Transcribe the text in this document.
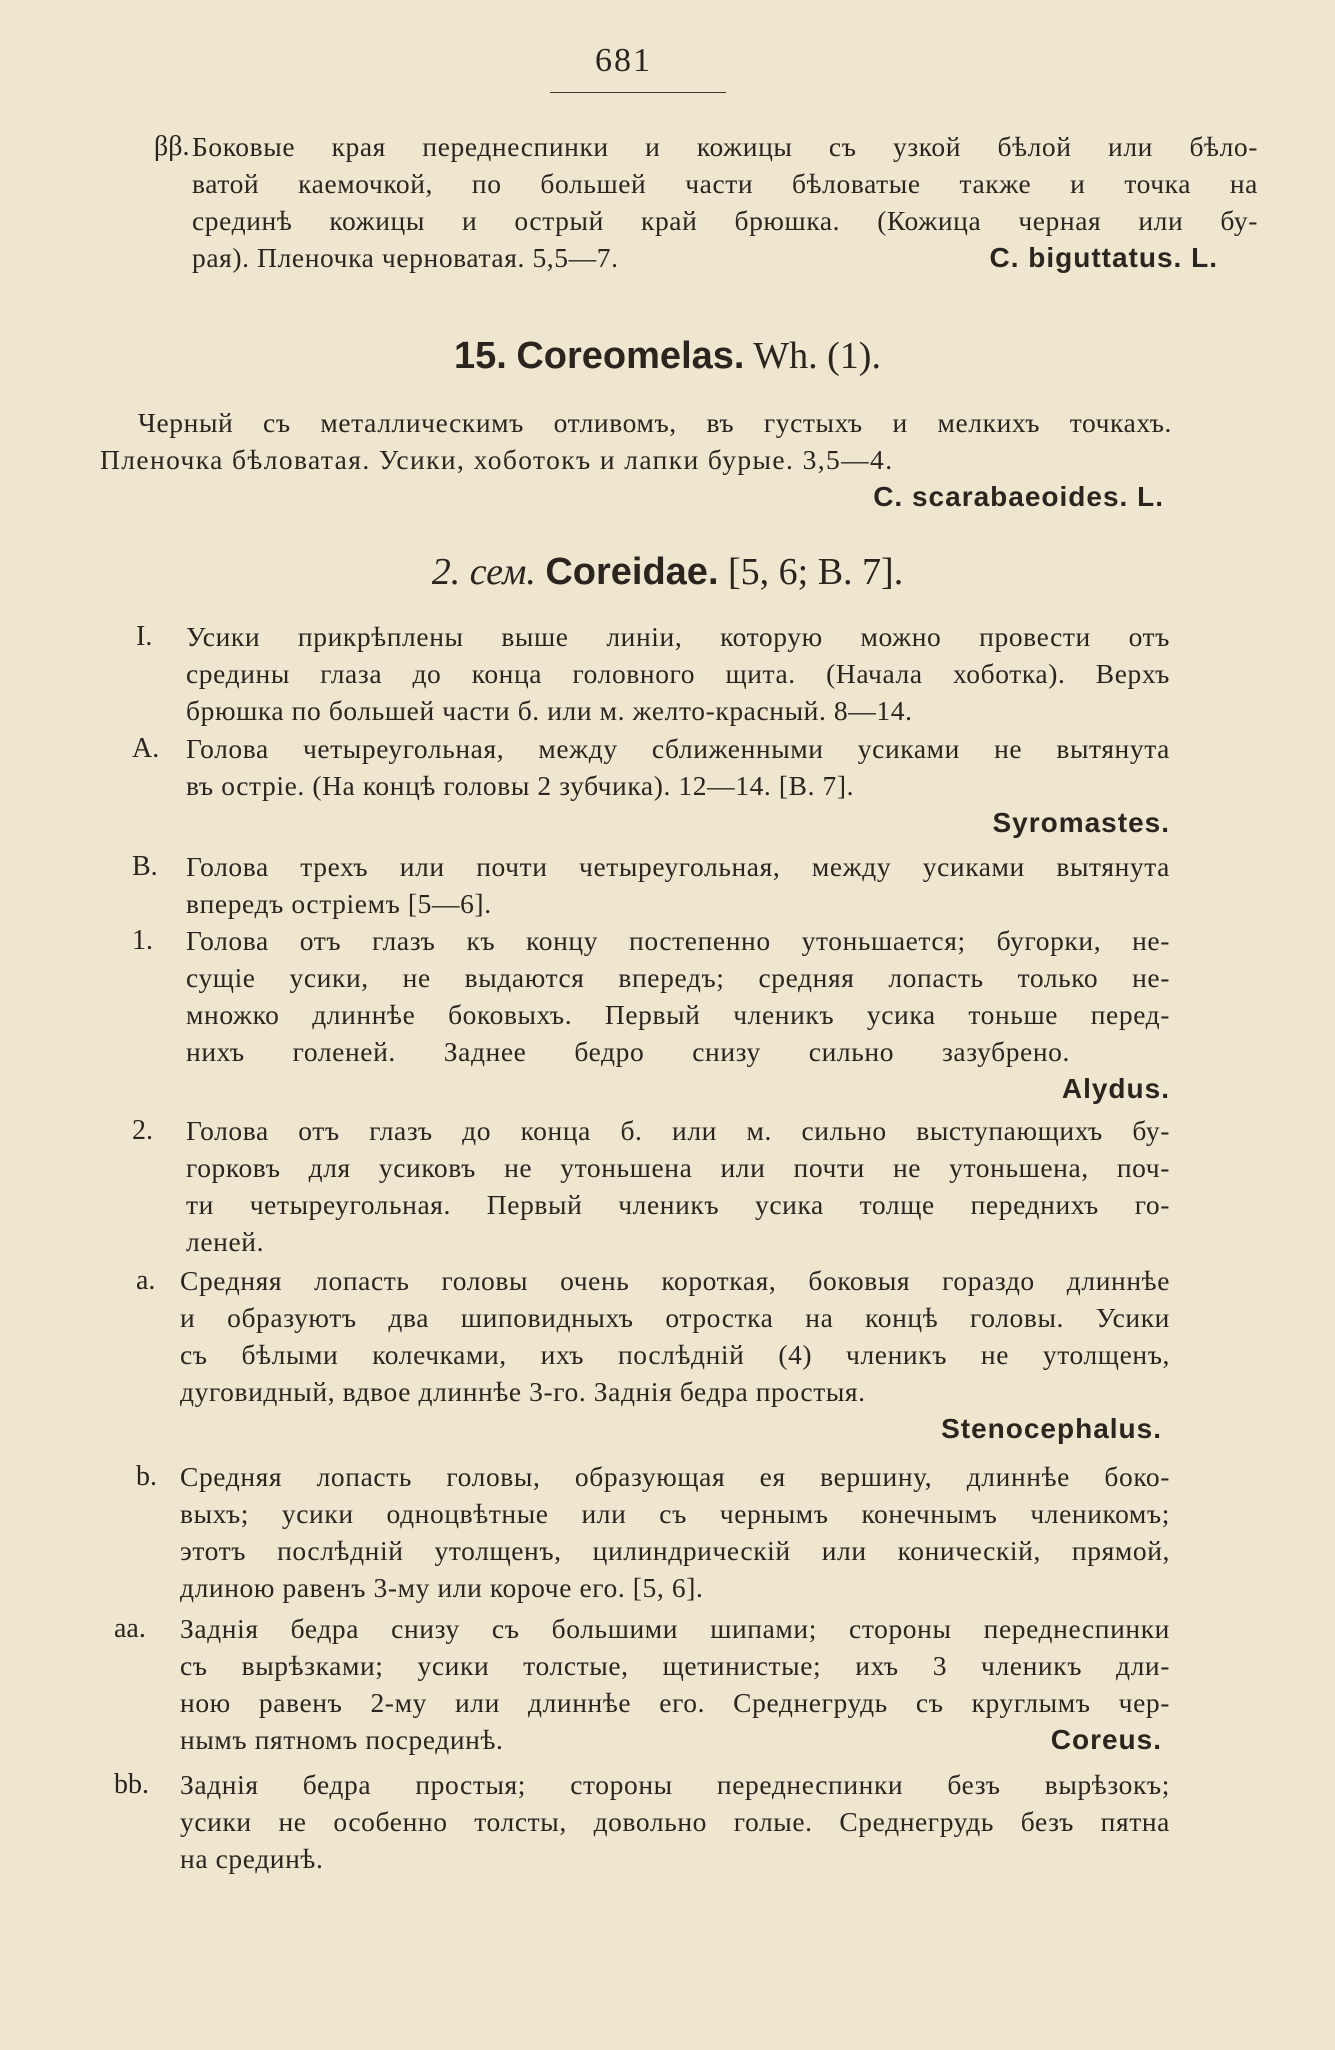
681
ββ. Боковые края переднеспинки и кожицы съ узкой бѣлой или бѣло-
ватой каемочкой, по большей части бѣловатые также и точка на
срединѣ кожицы и острый край брюшка. (Кожица черная или бу-
рая). Пленочка черноватая. 5,5—7.	C. biguttatus. L.
15. Coreomelas. Wh. (1).
Черный съ металлическимъ отливомъ, въ густыхъ и мелкихъ точкахъ.
Пленочка бѣловатая. Усики, хоботокъ и лапки бурые. 3,5—4.
C. scarabaeoides. L.
2. сем. Coreidae. [5, 6; B. 7].
I. Усики прикрѣплены выше линiи, которую можно провести отъ
средины глаза до конца головного щита. (Начала хоботка). Верхъ
брюшка по большей части б. или м. желто-красный. 8—14.
A. Голова четыреугольная, между сближенными усиками не вытянута
въ острiе. (На концѣ головы 2 зубчика). 12—14. [B. 7].
Syromastes.
B. Голова трехъ или почти четыреугольная, между усиками вытянута
впередъ острiемъ [5—6].
1. Голова отъ глазъ къ концу постепенно утоньшается; бугорки, не-
сущiе усики, не выдаются впередъ; средняя лопасть только не-
множко длиннѣе боковыхъ. Первый членикъ усика тоньше перед-
нихъ голеней. Заднее бедро снизу сильно зазубрено.
Alydus.
2. Голова отъ глазъ до конца б. или м. сильно выступающихъ бу-
горковъ для усиковъ не утоньшена или почти не утоньшена, поч-
ти четыреугольная. Первый членикъ усика толще переднихъ го-
леней.
a. Средняя лопасть головы очень короткая, боковыя гораздо длиннѣе
и образуютъ два шиповидныхъ отростка на концѣ головы. Усики
съ бѣлыми колечками, ихъ послѣднiй (4) членикъ не утолщенъ,
дуговидный, вдвое длиннѣе 3-го. Заднiя бедра простыя.
Stenocephalus.
b. Средняя лопасть головы, образующая ея вершину, длиннѣе боко-
выхъ; усики одноцвѣтные или съ чернымъ конечнымъ членикомъ;
этотъ послѣднiй утолщенъ, цилиндрическiй или коническiй, прямой,
длиною равенъ 3-му или короче его. [5, 6].
aa. Заднiя бедра снизу съ большими шипами; стороны переднеспинки
съ вырѣзками; усики толстые, щетинистые; ихъ 3 членикъ дли-
ною равенъ 2-му или длиннѣе его. Среднегрудь съ круглымъ чер-
нымъ пятномъ посрединѣ.	Coreus.
bb. Заднiя бедра простыя; стороны переднеспинки безъ вырѣзокъ;
усики не особенно толсты, довольно голые. Среднегрудь безъ пятна
на срединѣ.
